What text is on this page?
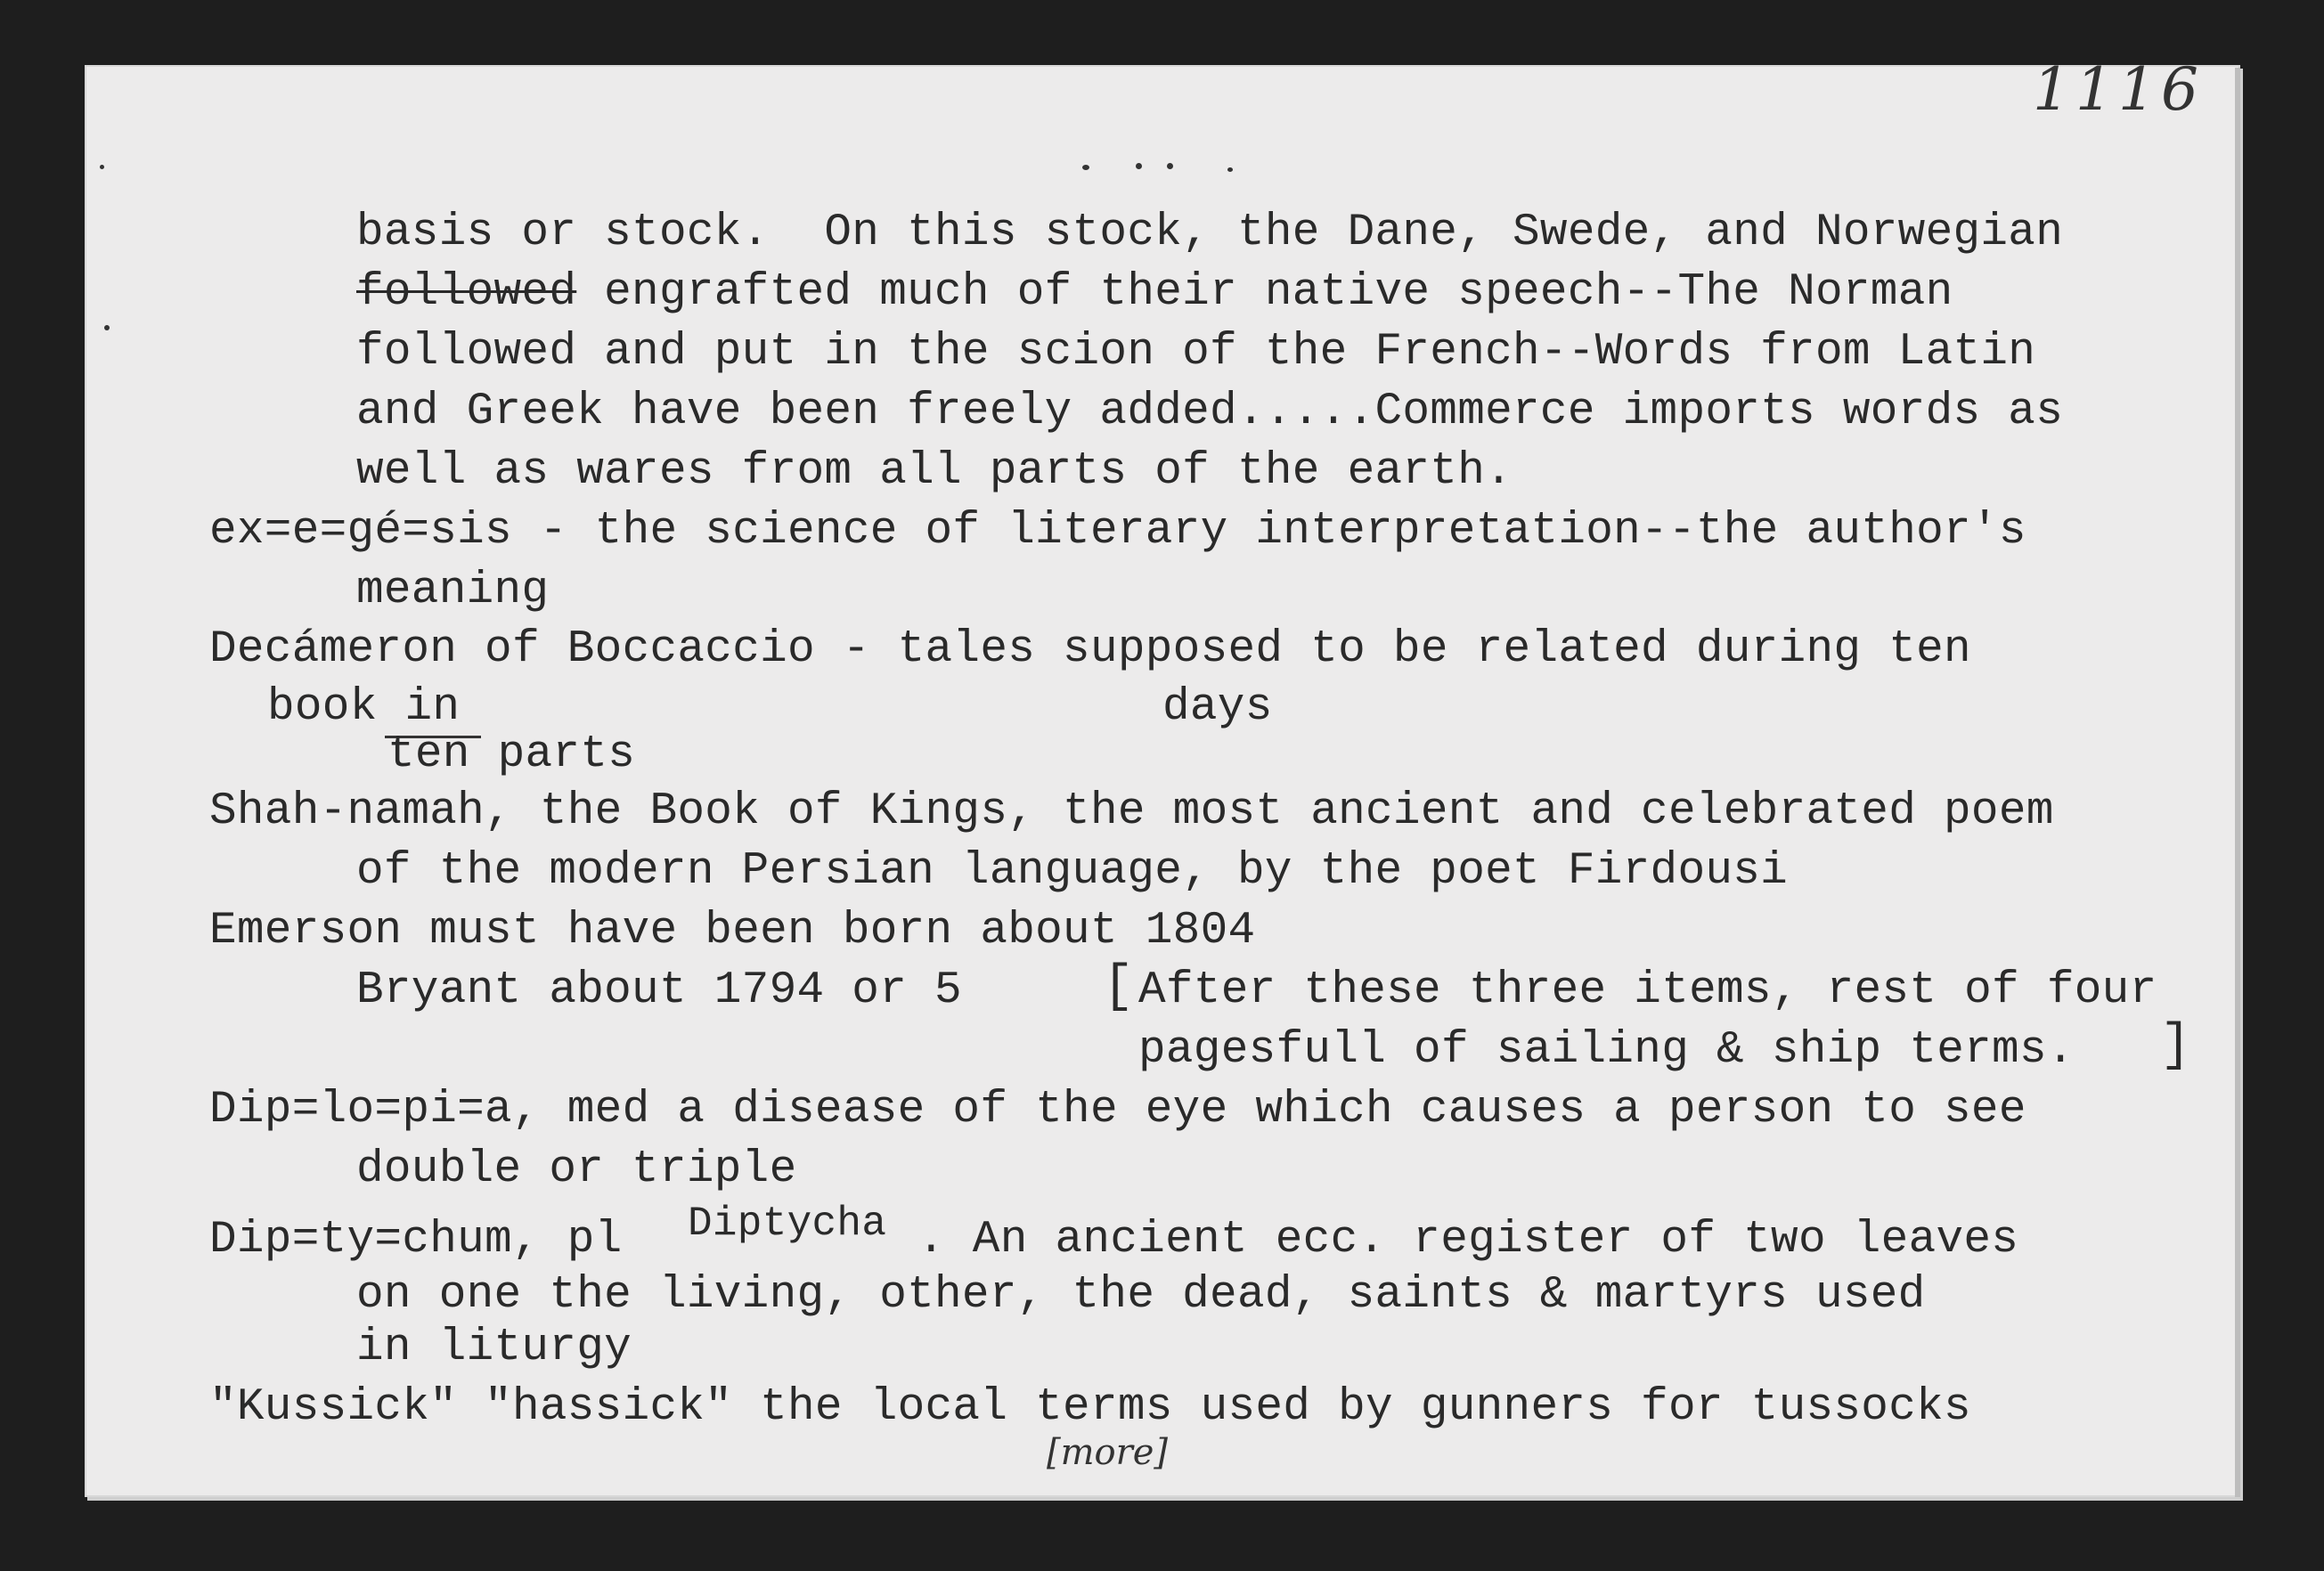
1116
basis or stock.  On this stock, the Dane, Swede, and Norwegian
followed engrafted much of their native speech--The Norman
followed and put in the scion of the French--Words from Latin
and Greek have been freely added.....Commerce imports words as
well as wares from all parts of the earth.
ex=e=gé=sis - the science of literary interpretation--the author's
meaning
Decámeron of Boccaccio - tales supposed to be related during ten
book in	days
ten parts
Shah-namah, the Book of Kings, the most ancient and celebrated poem
of the modern Persian language, by the poet Firdousi
Emerson must have been born about 1804
Bryant about 1794 or 5	[ After these three items, rest of four
pagesfull of sailing & ship terms. ]
Dip=lo=pi=a, med a disease of the eye which causes a person to see
double or triple
Dip=ty=chum, pl Diptycha . An ancient ecc. register of two leaves
on one the living, other, the dead, saints & martyrs used
in liturgy
"Kussick" "hassick" the local terms used by gunners for tussocks
[more]
